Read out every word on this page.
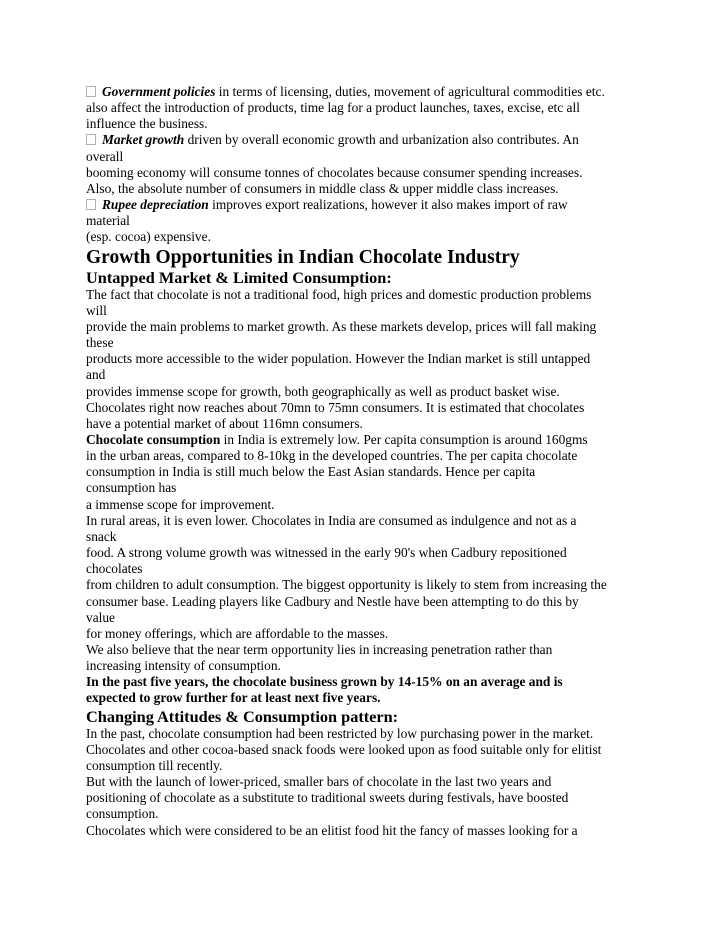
Government policies in terms of licensing, duties, movement of agricultural commodities etc.
also affect the introduction of products, time lag for a product launches, taxes, excise, etc all
influence the business.
Market growth driven by overall economic growth and urbanization also contributes. An
overall
booming economy will consume tonnes of chocolates because consumer spending increases.
Also, the absolute number of consumers in middle class & upper middle class increases.
Rupee depreciation improves export realizations, however it also makes import of raw
material
(esp. cocoa) expensive.
Growth Opportunities in Indian Chocolate Industry
Untapped Market & Limited Consumption:
The fact that chocolate is not a traditional food, high prices and domestic production problems
will
provide the main problems to market growth. As these markets develop, prices will fall making
these
products more accessible to the wider population. However the Indian market is still untapped
and
provides immense scope for growth, both geographically as well as product basket wise.
Chocolates right now reaches about 70mn to 75mn consumers. It is estimated that chocolates
have a potential market of about 116mn consumers.
Chocolate consumption in India is extremely low. Per capita consumption is around 160gms
in the urban areas, compared to 8-10kg in the developed countries. The per capita chocolate
consumption in India is still much below the East Asian standards. Hence per capita
consumption has
a immense scope for improvement.
In rural areas, it is even lower. Chocolates in India are consumed as indulgence and not as a
snack
food. A strong volume growth was witnessed in the early 90's when Cadbury repositioned
chocolates
from children to adult consumption. The biggest opportunity is likely to stem from increasing the
consumer base. Leading players like Cadbury and Nestle have been attempting to do this by
value
for money offerings, which are affordable to the masses.
We also believe that the near term opportunity lies in increasing penetration rather than
increasing intensity of consumption.
In the past five years, the chocolate business grown by 14-15% on an average and is
expected to grow further for at least next five years.
Changing Attitudes & Consumption pattern:
In the past, chocolate consumption had been restricted by low purchasing power in the market.
Chocolates and other cocoa-based snack foods were looked upon as food suitable only for elitist
consumption till recently.
But with the launch of lower-priced, smaller bars of chocolate in the last two years and
positioning of chocolate as a substitute to traditional sweets during festivals, have boosted
consumption.
Chocolates which were considered to be an elitist food hit the fancy of masses looking for a
